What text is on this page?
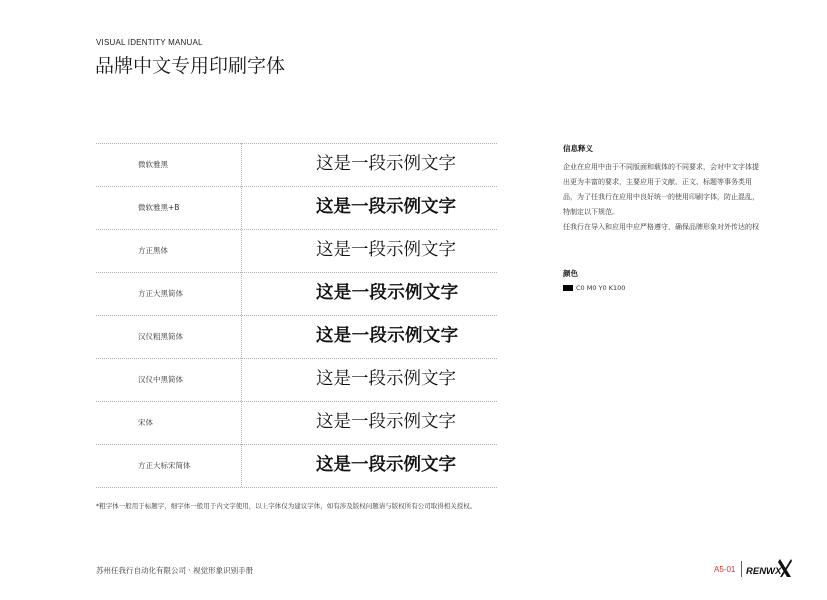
VISUAL IDENTITY MANUAL
品牌中文专用印刷字体
微软雅黑	这是一段示例文字
微软雅黑+B	这是一段示例文字
方正黑体	这是一段示例文字
方正大黑简体	这是一段示例文字
汉仪粗黑简体	这是一段示例文字
汉仪中黑简体	这是一段示例文字
宋体	这是一段示例文字
方正大标宋简体	这是一段示例文字
*粗字体一般用于标题字，细字体一般用于内文字使用，以上字体仅为建议字体，如有涉及版权问题请与版权所有公司取得相关授权。
信息释义
企业在应用中由于不同版面和载体的不同要求，会对中文字体提
出更为丰富的要求，主要应用于文献、正文、标题等事务类用
品，为了任我行在应用中良好统一的使用印刷字体，防止混乱，
特制定以下规范。
任我行在导入和应用中应严格遵守，确保品牌形象对外传达的权
颜色
C0 M0 Y0 K100
苏州任我行自动化有限公司 · 视觉形象识别手册	A5-01 RENWX
